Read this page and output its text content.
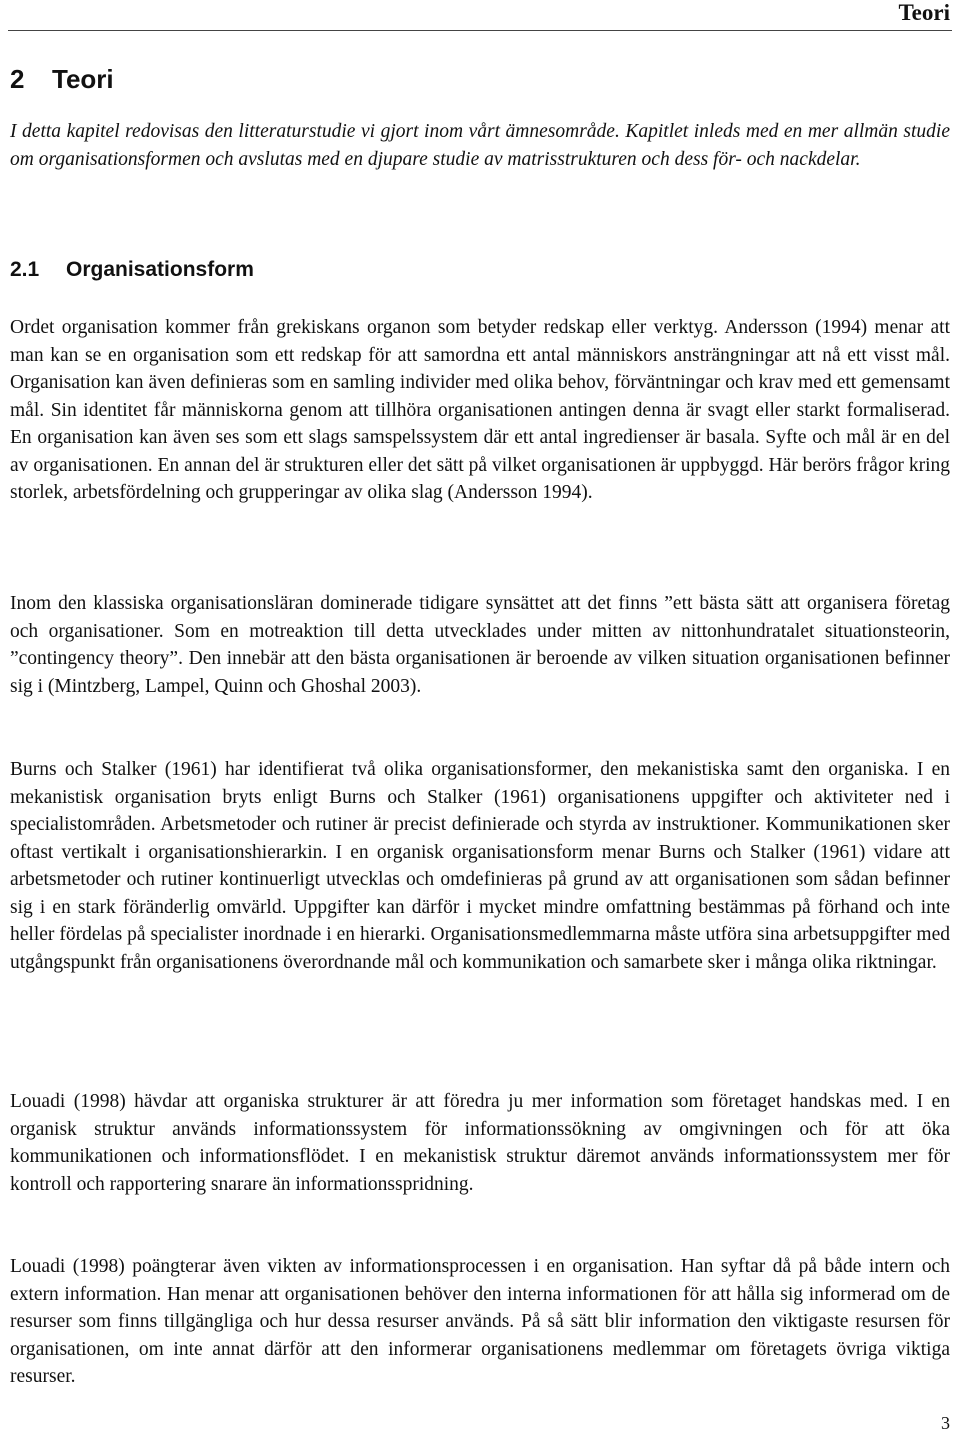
Teori
2 Teori

I detta kapitel redovisas den litteraturstudie vi gjort inom vårt ämnesområde. Kapitlet inleds med en mer allmän studie om organisationsformen och avslutas med en djupare studie av matrisstrukturen och dess för- och nackdelar.

2.1 Organisationsform

Ordet organisation kommer från grekiskans organon som betyder redskap eller verktyg. Andersson (1994) menar att man kan se en organisation som ett redskap för att samordna ett antal människors ansträngningar att nå ett visst mål. Organisation kan även definieras som en samling individer med olika behov, förväntningar och krav med ett gemensamt mål. Sin identitet får människorna genom att tillhöra organisationen antingen denna är svagt eller starkt formaliserad. En organisation kan även ses som ett slags samspelssystem där ett antal ingredienser är basala. Syfte och mål är en del av organisationen. En annan del är strukturen eller det sätt på vilket organisationen är uppbyggd. Här berörs frågor kring storlek, arbetsfördelning och grupperingar av olika slag (Andersson 1994).

Inom den klassiska organisationsläran dominerade tidigare synsättet att det finns ”ett bästa sätt att organisera företag och organisationer. Som en motreaktion till detta utvecklades under mitten av nittonhundratalet situationsteorin, ”contingency theory”. Den innebär att den bästa organisationen är beroende av vilken situation organisationen befinner sig i (Mintzberg, Lampel, Quinn och Ghoshal 2003).

Burns och Stalker (1961) har identifierat två olika organisationsformer, den mekanistiska samt den organiska. I en mekanistisk organisation bryts enligt Burns och Stalker (1961) organisationens uppgifter och aktiviteter ned i specialistområden. Arbetsmetoder och rutiner är precist definierade och styrda av instruktioner. Kommunikationen sker oftast vertikalt i organisationshierarkin. I en organisk organisationsform menar Burns och Stalker (1961) vidare att arbetsmetoder och rutiner kontinuerligt utvecklas och omdefinieras på grund av att organisationen som sådan befinner sig i en stark föränderlig omvärld. Uppgifter kan därför i mycket mindre omfattning bestämmas på förhand och inte heller fördelas på specialister inordnade i en hierarki. Organisationsmedlemmarna måste utföra sina arbetsuppgifter med utgångspunkt från organisationens överordnande mål och kommunikation och samarbete sker i många olika riktningar.

Louadi (1998) hävdar att organiska strukturer är att föredra ju mer information som företaget handskas med. I en organisk struktur används informationssystem för informationssökning av omgivningen och för att öka kommunikationen och informationsflödet. I en mekanistisk struktur däremot används informationssystem mer för kontroll och rapportering snarare än informationsspridning.

Louadi (1998) poängterar även vikten av informationsprocessen i en organisation. Han syftar då på både intern och extern information. Han menar att organisationen behöver den interna informationen för att hålla sig informerad om de resurser som finns tillgängliga och hur dessa resurser används. På så sätt blir information den viktigaste resursen för organisationen, om inte annat därför att den informerar organisationens medlemmar om företagets övriga viktiga resurser.

3
